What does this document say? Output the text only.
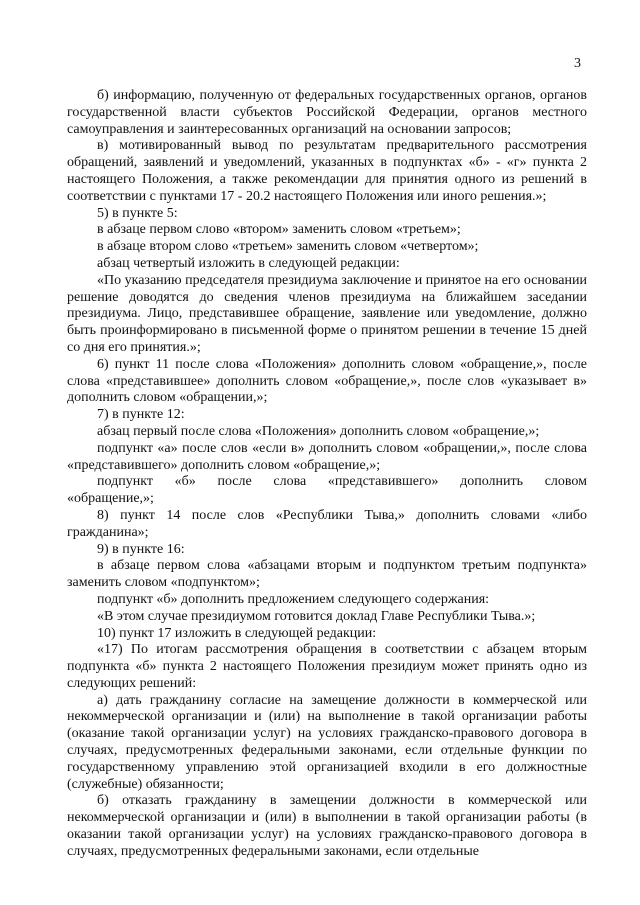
3

б) информацию, полученную от федеральных государственных органов, органов государственной власти субъектов Российской Федерации, органов местного самоуправления и заинтересованных организаций на основании запросов;

в) мотивированный вывод по результатам предварительного рассмотрения обращений, заявлений и уведомлений, указанных в подпунктах «б» - «г» пункта 2 настоящего Положения, а также рекомендации для принятия одного из решений в соответствии с пунктами 17 - 20.2 настоящего Положения или иного решения.»;

5) в пункте 5:

в абзаце первом слово «втором» заменить словом «третьем»;

в абзаце втором слово «третьем» заменить словом «четвертом»;

абзац четвертый изложить в следующей редакции:

«По указанию председателя президиума заключение и принятое на его основании решение доводятся до сведения членов президиума на ближайшем заседании президиума. Лицо, представившее обращение, заявление или уведомление, должно быть проинформировано в письменной форме о принятом решении в течение 15 дней со дня его принятия.»;

6) пункт 11 после слова «Положения» дополнить словом «обращение,», после слова «представившее» дополнить словом «обращение,», после слов «указывает в» дополнить словом «обращении,»;

7) в пункте 12:

абзац первый после слова «Положения» дополнить словом «обращение,»;

подпункт «а» после слов «если в» дополнить словом «обращении,», после слова «представившего» дополнить словом «обращение,»;

подпункт «б» после слова «представившего» дополнить словом «обращение,»;

8) пункт 14 после слов «Республики Тыва,» дополнить словами «либо гражданина»;

9) в пункте 16:

в абзаце первом слова «абзацами вторым и подпунктом третьим подпункта» заменить словом «подпунктом»;

подпункт «б» дополнить предложением следующего содержания:

«В этом случае президиумом готовится доклад Главе Республики Тыва.»;

10) пункт 17 изложить в следующей редакции:

«17) По итогам рассмотрения обращения в соответствии с абзацем вторым подпункта «б» пункта 2 настоящего Положения президиум может принять одно из следующих решений:

а) дать гражданину согласие на замещение должности в коммерческой или некоммерческой организации и (или) на выполнение в такой организации работы (оказание такой организации услуг) на условиях гражданско-правового договора в случаях, предусмотренных федеральными законами, если отдельные функции по государственному управлению этой организацией входили в его должностные (служебные) обязанности;

б) отказать гражданину в замещении должности в коммерческой или некоммерческой организации и (или) в выполнении в такой организации работы (в оказании такой организации услуг) на условиях гражданско-правового договора в случаях, предусмотренных федеральными законами, если отдельные
